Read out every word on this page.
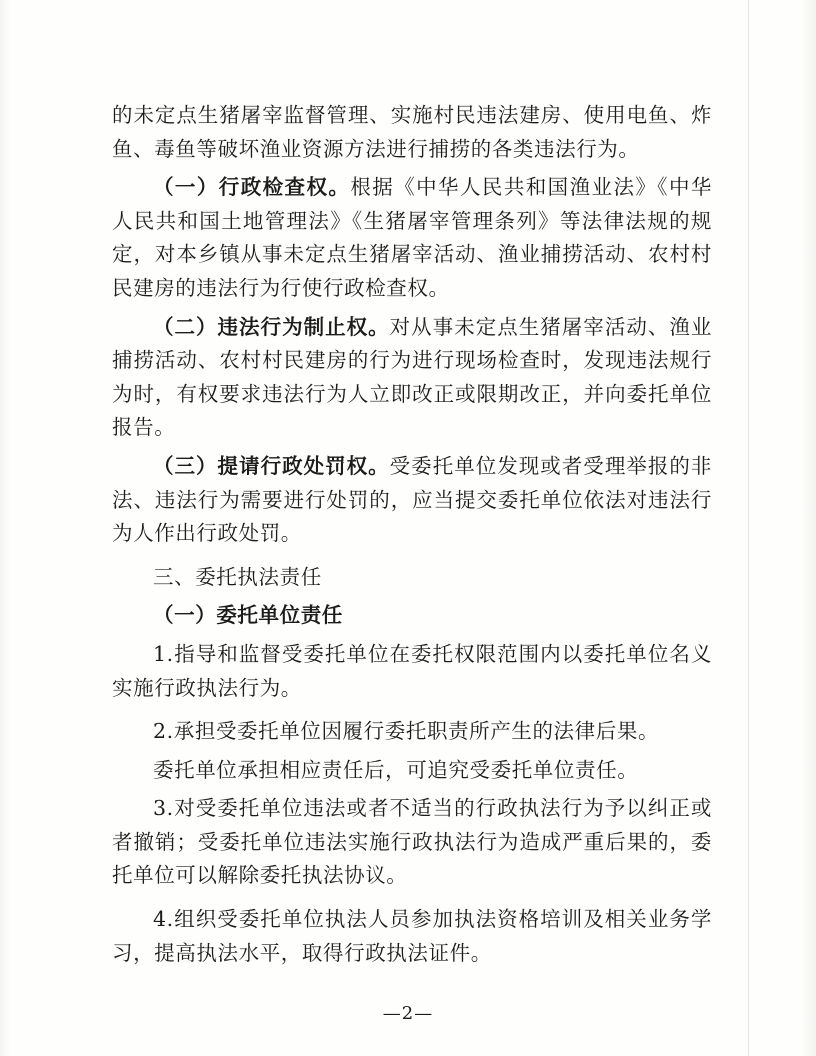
的未定点生猪屠宰监督管理、实施村民违法建房、使用电鱼、炸鱼、毒鱼等破坏渔业资源方法进行捕捞的各类违法行为。

（一）行政检查权。根据《中华人民共和国渔业法》《中华人民共和国土地管理法》《生猪屠宰管理条列》等法律法规的规定，对本乡镇从事未定点生猪屠宰活动、渔业捕捞活动、农村村民建房的违法行为行使行政检查权。

（二）违法行为制止权。对从事未定点生猪屠宰活动、渔业捕捞活动、农村村民建房的行为进行现场检查时，发现违法规行为时，有权要求违法行为人立即改正或限期改正，并向委托单位报告。

（三）提请行政处罚权。受委托单位发现或者受理举报的非法、违法行为需要进行处罚的，应当提交委托单位依法对违法行为人作出行政处罚。

三、委托执法责任

（一）委托单位责任

1.指导和监督受委托单位在委托权限范围内以委托单位名义实施行政执法行为。

2.承担受委托单位因履行委托职责所产生的法律后果。

委托单位承担相应责任后，可追究受委托单位责任。

3.对受委托单位违法或者不适当的行政执法行为予以纠正或者撤销；受委托单位违法实施行政执法行为造成严重后果的，委托单位可以解除委托执法协议。

4.组织受委托单位执法人员参加执法资格培训及相关业务学习，提高执法水平，取得行政执法证件。

—2—
